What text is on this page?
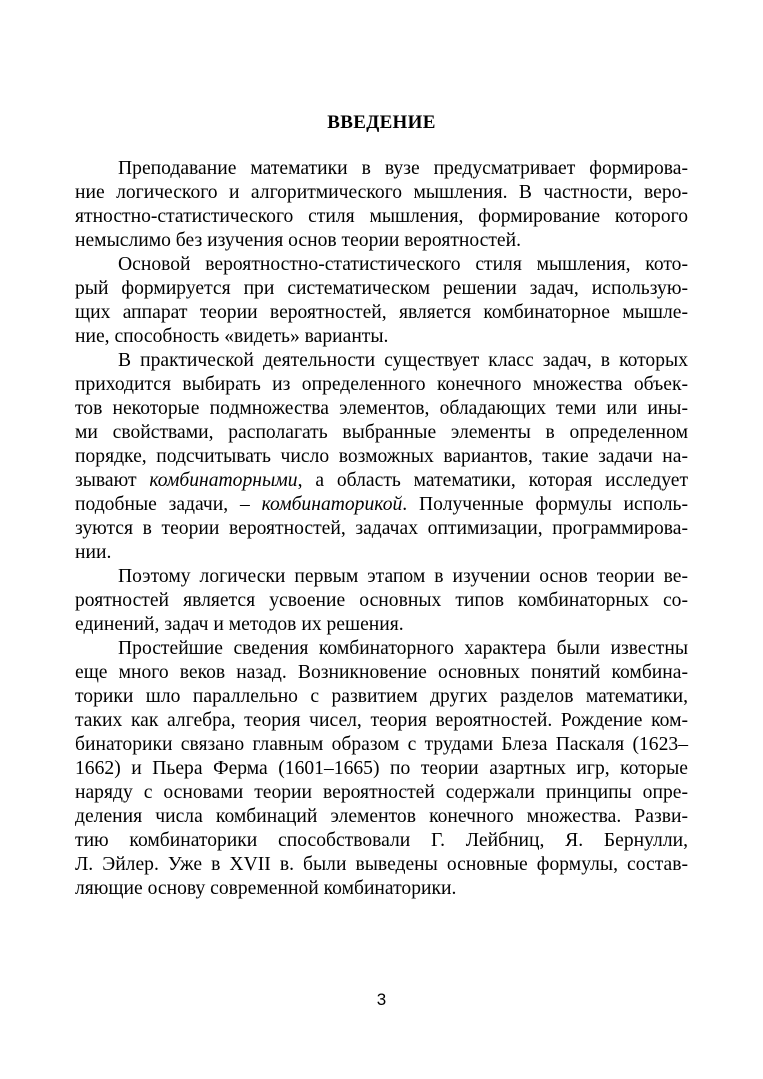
ВВЕДЕНИЕ
Преподавание математики в вузе предусматривает формирова-
ние логического и алгоритмического мышления. В частности, веро-
ятностно-статистического стиля мышления, формирование которого
немыслимо без изучения основ теории вероятностей.
Основой вероятностно-статистического стиля мышления, кото-
рый формируется при систематическом решении задач, использую-
щих аппарат теории вероятностей, является комбинаторное мышле-
ние, способность «видеть» варианты.
В практической деятельности существует класс задач, в которых
приходится выбирать из определенного конечного множества объек-
тов некоторые подмножества элементов, обладающих теми или ины-
ми свойствами, располагать выбранные элементы в определенном
порядке, подсчитывать число возможных вариантов, такие задачи на-
зывают комбинаторными, а область математики, которая исследует
подобные задачи, – комбинаторикой. Полученные формулы исполь-
зуются в теории вероятностей, задачах оптимизации, программирова-
нии.
Поэтому логически первым этапом в изучении основ теории ве-
роятностей является усвоение основных типов комбинаторных со-
единений, задач и методов их решения.
Простейшие сведения комбинаторного характера были известны
еще много веков назад. Возникновение основных понятий комбина-
торики шло параллельно с развитием других разделов математики,
таких как алгебра, теория чисел, теория вероятностей. Рождение ком-
бинаторики связано главным образом с трудами Блеза Паскаля (1623–
1662) и Пьера Ферма (1601–1665) по теории азартных игр, которые
наряду с основами теории вероятностей содержали принципы опре-
деления числа комбинаций элементов конечного множества. Разви-
тию комбинаторики способствовали Г. Лейбниц, Я. Бернулли,
Л. Эйлер. Уже в XVII в. были выведены основные формулы, состав-
ляющие основу современной комбинаторики.
3
